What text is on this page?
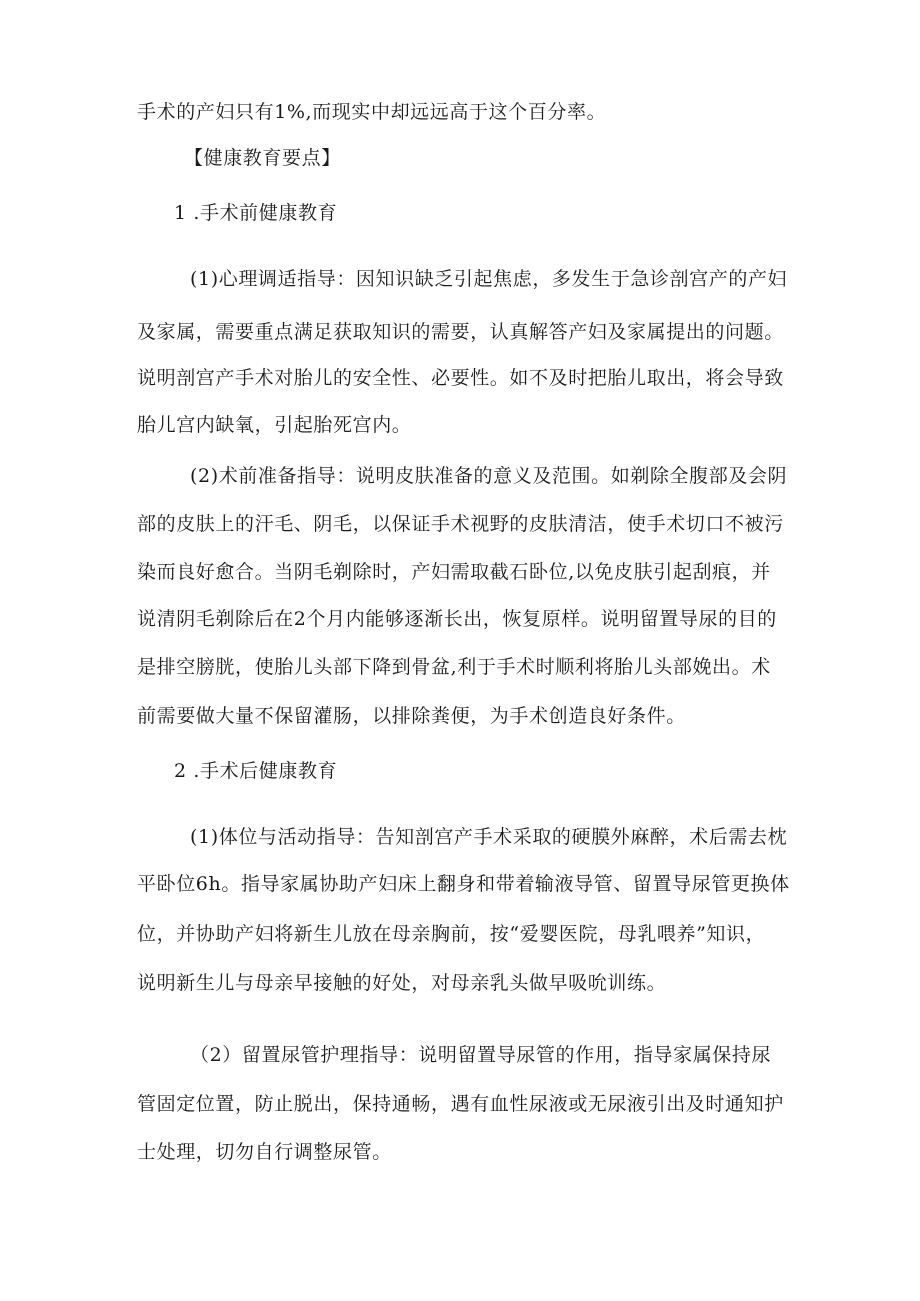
手术的产妇只有1%,而现实中却远远高于这个百分率。
【健康教育要点】
1 .手术前健康教育
(1)心理调适指导：因知识缺乏引起焦虑，多发生于急诊剖宫产的产妇
及家属，需要重点满足获取知识的需要，认真解答产妇及家属提出的问题。
说明剖宫产手术对胎儿的安全性、必要性。如不及时把胎儿取出，将会导致
胎儿宫内缺氧，引起胎死宫内。
(2)术前准备指导：说明皮肤准备的意义及范围。如剃除全腹部及会阴
部的皮肤上的汗毛、阴毛，以保证手术视野的皮肤清洁，使手术切口不被污
染而良好愈合。当阴毛剃除时，产妇需取截石卧位,以免皮肤引起刮痕，并
说清阴毛剃除后在2个月内能够逐渐长出，恢复原样。说明留置导尿的目的
是排空膀胱，使胎儿头部下降到骨盆,利于手术时顺利将胎儿头部娩出。术
前需要做大量不保留灌肠，以排除粪便，为手术创造良好条件。
2 .手术后健康教育
(1)体位与活动指导：告知剖宫产手术采取的硬膜外麻醉，术后需去枕
平卧位6h。指导家属协助产妇床上翻身和带着输液导管、留置导尿管更换体
位，并协助产妇将新生儿放在母亲胸前，按“爱婴医院，母乳喂养”知识，
说明新生儿与母亲早接触的好处，对母亲乳头做早吸吮训练。
（2）留置尿管护理指导：说明留置导尿管的作用，指导家属保持尿
管固定位置，防止脱出，保持通畅，遇有血性尿液或无尿液引出及时通知护
士处理，切勿自行调整尿管。
